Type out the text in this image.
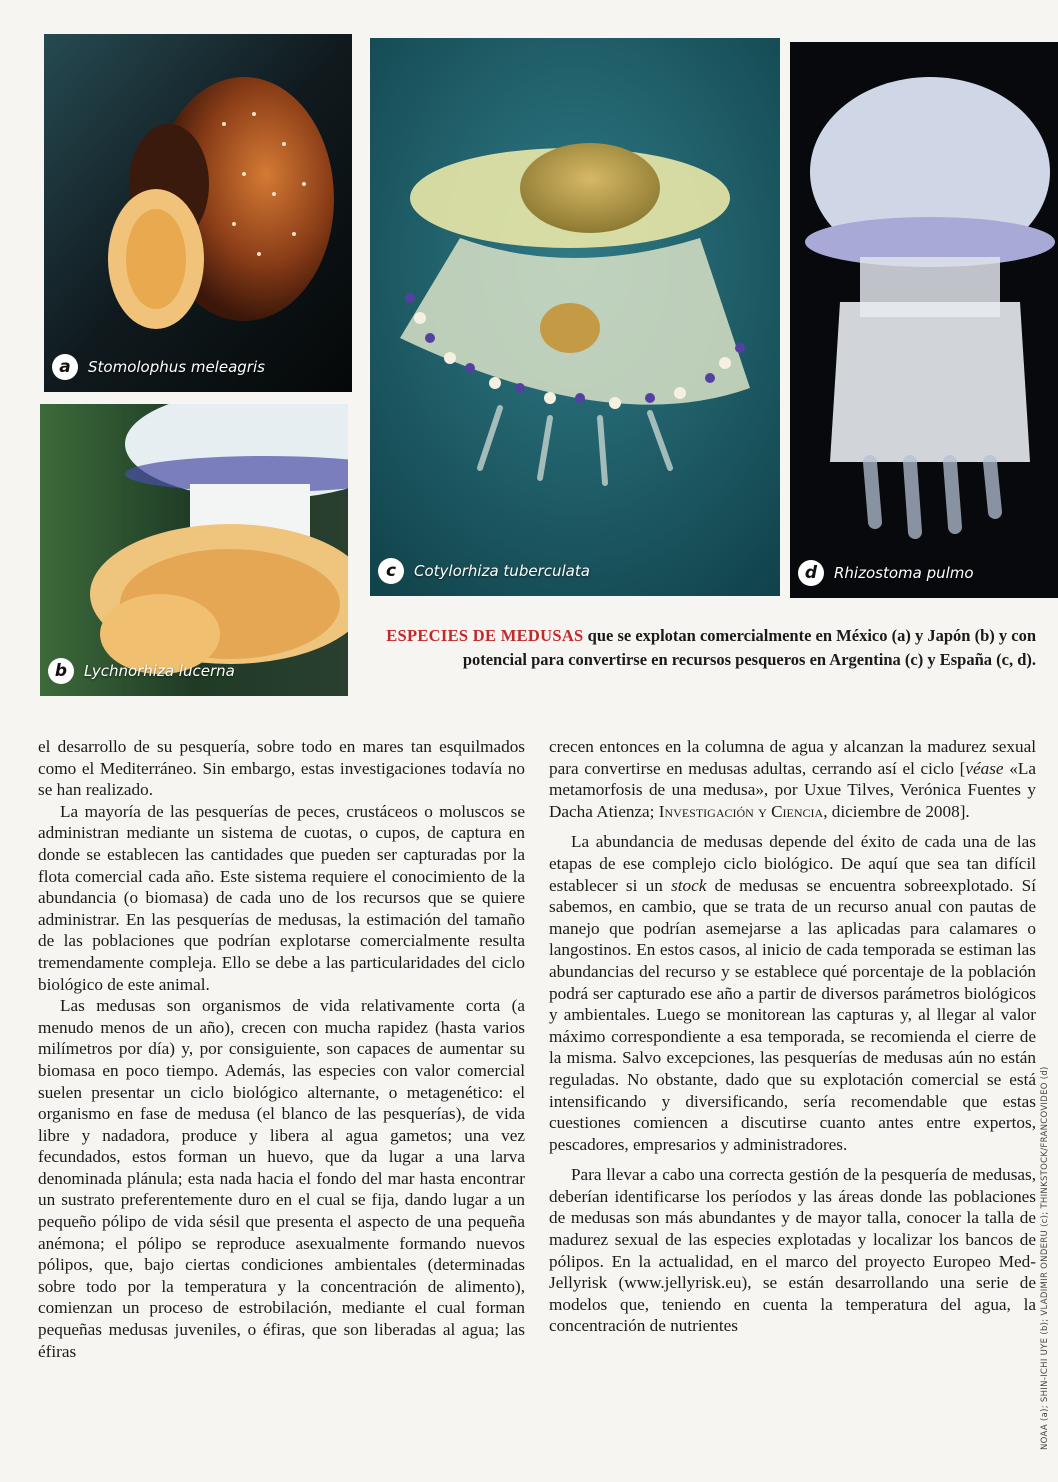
a	Stomolophus meleagris
b	Lychnorhiza lucerna
c	Cotylorhiza tuberculata	d	Rhizostoma pulmo
ESPECIES DE MEDUSAS que se explotan comercialmente en México (a) y Japón (b) y con potencial para convertirse en recursos pesqueros en Argentina (c) y España (c, d).

el desarrollo de su pesquería, sobre todo en mares tan esquilmados como el Mediterráneo. Sin embargo, estas investigaciones todavía no se han realizado.

La mayoría de las pesquerías de peces, crustáceos o moluscos se administran mediante un sistema de cuotas, o cupos, de captura en donde se establecen las cantidades que pueden ser capturadas por la flota comercial cada año. Este sistema requiere el conocimiento de la abundancia (o biomasa) de cada uno de los recursos que se quiere administrar. En las pesquerías de medusas, la estimación del tamaño de las poblaciones que podrían explotarse comercialmente resulta tremendamente compleja. Ello se debe a las particularidades del ciclo biológico de este animal.

Las medusas son organismos de vida relativamente corta (a menudo menos de un año), crecen con mucha rapidez (hasta varios milímetros por día) y, por consiguiente, son capaces de aumentar su biomasa en poco tiempo. Además, las especies con valor comercial suelen presentar un ciclo biológico alternante, o metagenético: el organismo en fase de medusa (el blanco de las pesquerías), de vida libre y nadadora, produce y libera al agua gametos; una vez fecundados, estos forman un huevo, que da lugar a una larva denominada plánula; esta nada hacia el fondo del mar hasta encontrar un sustrato preferentemente duro en el cual se fija, dando lugar a un pequeño pólipo de vida sésil que presenta el aspecto de una pequeña anémona; el pólipo se reproduce asexualmente formando nuevos pólipos, que, bajo ciertas condiciones ambientales (determinadas sobre todo por la temperatura y la concentración de alimento), comienzan un proceso de estrobilación, mediante el cual forman pequeñas medusas juveniles, o éfiras, que son liberadas al agua; las éfiras

crecen entonces en la columna de agua y alcanzan la madurez sexual para convertirse en medusas adultas, cerrando así el ciclo [véase «La metamorfosis de una medusa», por Uxue Tilves, Verónica Fuentes y Dacha Atienza; Investigación y Ciencia, diciembre de 2008].

La abundancia de medusas depende del éxito de cada una de las etapas de ese complejo ciclo biológico. De aquí que sea tan difícil establecer si un stock de medusas se encuentra sobreexplotado. Sí sabemos, en cambio, que se trata de un recurso anual con pautas de manejo que podrían asemejarse a las aplicadas para calamares o langostinos. En estos casos, al inicio de cada temporada se estiman las abundancias del recurso y se establece qué porcentaje de la población podrá ser capturado ese año a partir de diversos parámetros biológicos y ambientales. Luego se monitorean las capturas y, al llegar al valor máximo correspondiente a esa temporada, se recomienda el cierre de la misma. Salvo excepciones, las pesquerías de medusas aún no están reguladas. No obstante, dado que su explotación comercial se está intensificando y diversificando, sería recomendable que estas cuestiones comiencen a discutirse cuanto antes entre expertos, pescadores, empresarios y administradores.

Para llevar a cabo una correcta gestión de la pesquería de medusas, deberían identificarse los períodos y las áreas donde las poblaciones de medusas son más abundantes y de mayor talla, conocer la talla de madurez sexual de las especies explotadas y localizar los bancos de pólipos. En la actualidad, en el marco del proyecto Europeo Med-Jellyrisk (www.jellyrisk.eu), se están desarrollando una serie de modelos que, teniendo en cuenta la temperatura del agua, la concentración de nutrientes	NOAA (a); SHIN-ICHI UYE (b); VLADIMIR ONDERU (c); THINKSTOCK/FRANCOVIDEO (d)
